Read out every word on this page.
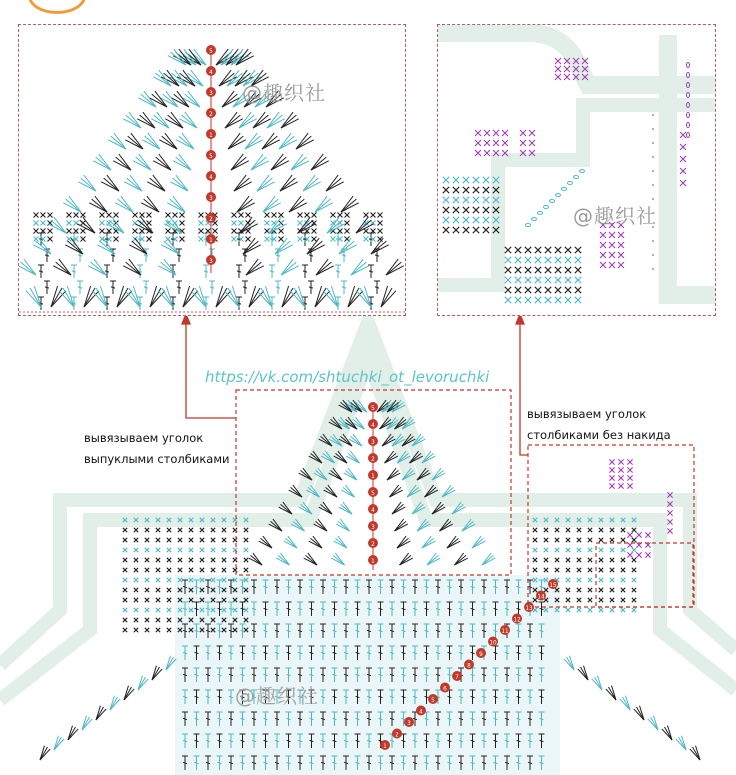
5
4
3
2
1
5
4
3
2
1
1
2
3
4
5
6
7
8
9
10
11
12
13
14
15
5
4
3
2
1
5
4
3
2
1
3
@趣织社
@趣织社
https://vk.com/shtuchki_ot_levoruchki
@趣织社
вывязываем уголок
выпуклыми столбиками
вывязываем уголок
столбиками без накида
